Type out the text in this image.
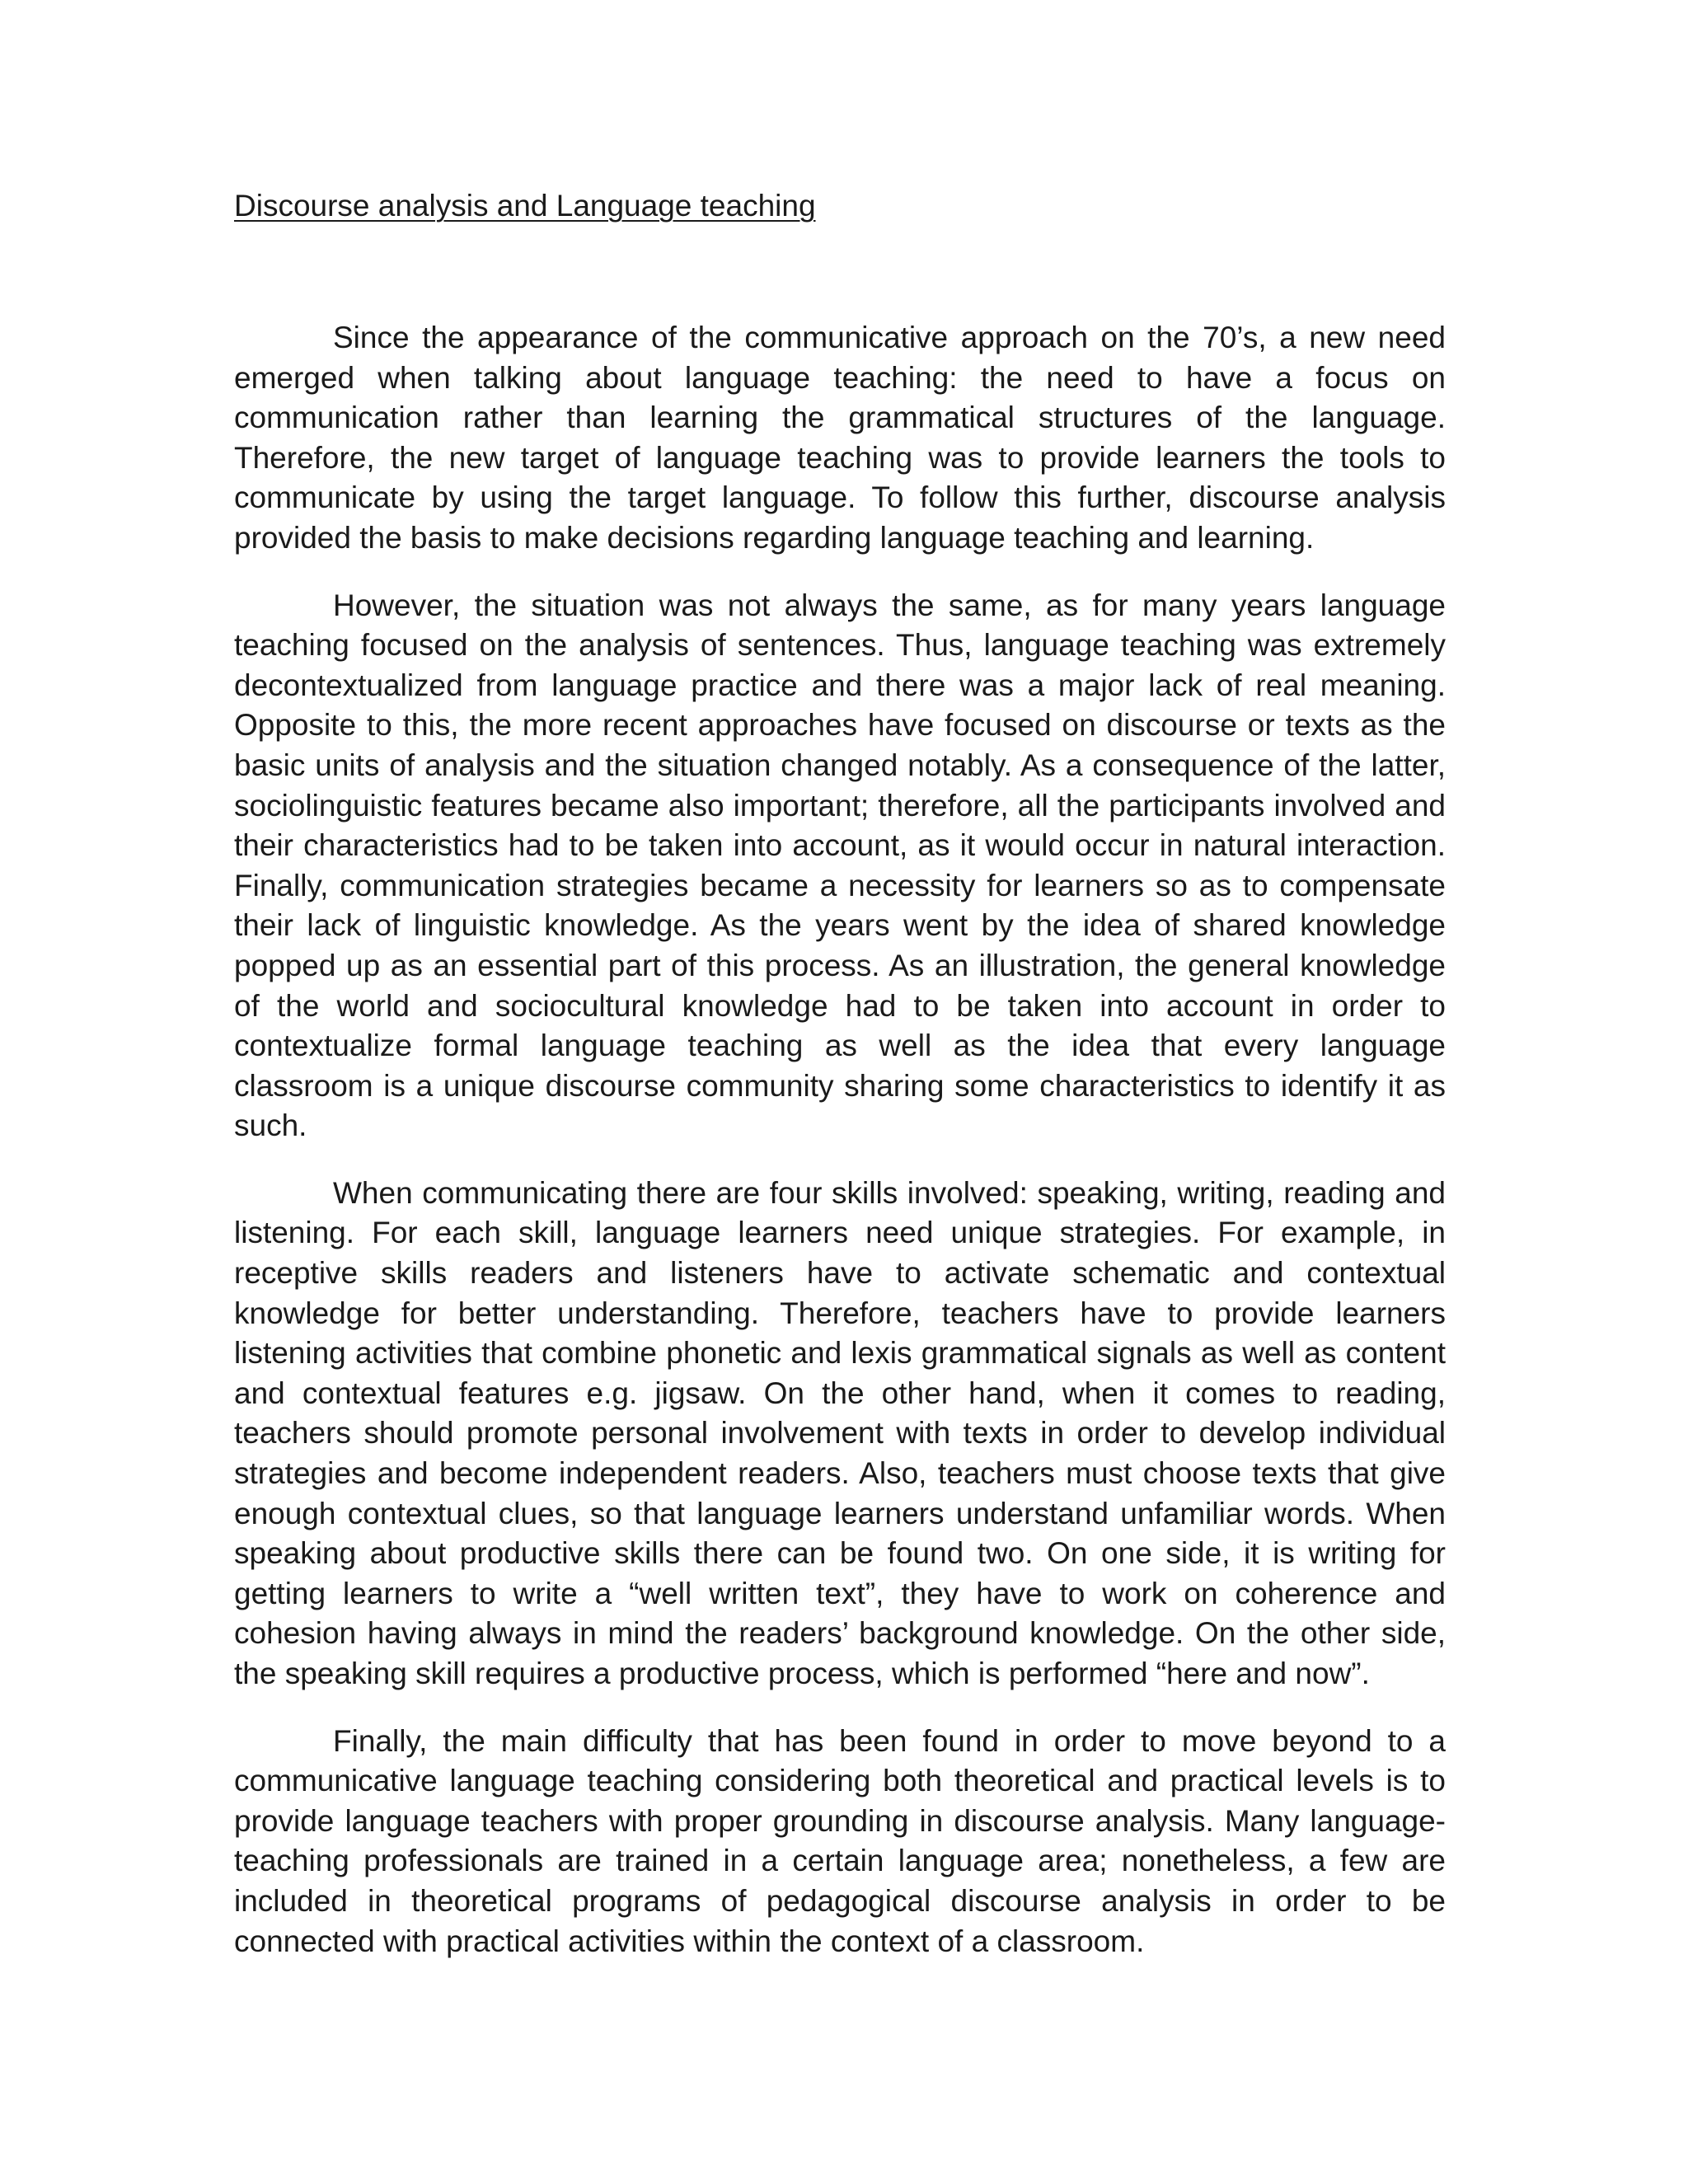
Discourse analysis and Language teaching

Since the appearance of the communicative approach on the 70’s, a new need emerged when talking about language teaching: the need to have a focus on communication rather than learning the grammatical structures of the language. Therefore, the new target of language teaching was to provide learners the tools to communicate by using the target language. To follow this further, discourse analysis provided the basis to make decisions regarding language teaching and learning.

However, the situation was not always the same, as for many years language teaching focused on the analysis of sentences. Thus, language teaching was extremely decontextualized from language practice and there was a major lack of real meaning. Opposite to this, the more recent approaches have focused on discourse or texts as the basic units of analysis and the situation changed notably. As a consequence of the latter, sociolinguistic features became also important; therefore, all the participants involved and their characteristics had to be taken into account, as it would occur in natural interaction. Finally, communication strategies became a necessity for learners so as to compensate their lack of linguistic knowledge. As the years went by the idea of shared knowledge popped up as an essential part of this process. As an illustration, the general knowledge of the world and sociocultural knowledge had to be taken into account in order to contextualize formal language teaching as well as the idea that every language classroom is a unique discourse community sharing some characteristics to identify it as such.

When communicating there are four skills involved: speaking, writing, reading and listening. For each skill, language learners need unique strategies. For example, in receptive skills readers and listeners have to activate schematic and contextual knowledge for better understanding. Therefore, teachers have to provide learners listening activities that combine phonetic and lexis grammatical signals as well as content and contextual features e.g. jigsaw. On the other hand, when it comes to reading, teachers should promote personal involvement with texts in order to develop individual strategies and become independent readers. Also, teachers must choose texts that give enough contextual clues, so that language learners understand unfamiliar words. When speaking about productive skills there can be found two. On one side, it is writing for getting learners to write a “well written text”, they have to work on coherence and cohesion having always in mind the readers’ background knowledge. On the other side, the speaking skill requires a productive process, which is performed “here and now”.

Finally, the main difficulty that has been found in order to move beyond to a communicative language teaching considering both theoretical and practical levels is to provide language teachers with proper grounding in discourse analysis. Many language-teaching professionals are trained in a certain language area; nonetheless, a few are included in theoretical programs of pedagogical discourse analysis in order to be connected with practical activities within the context of a classroom.
